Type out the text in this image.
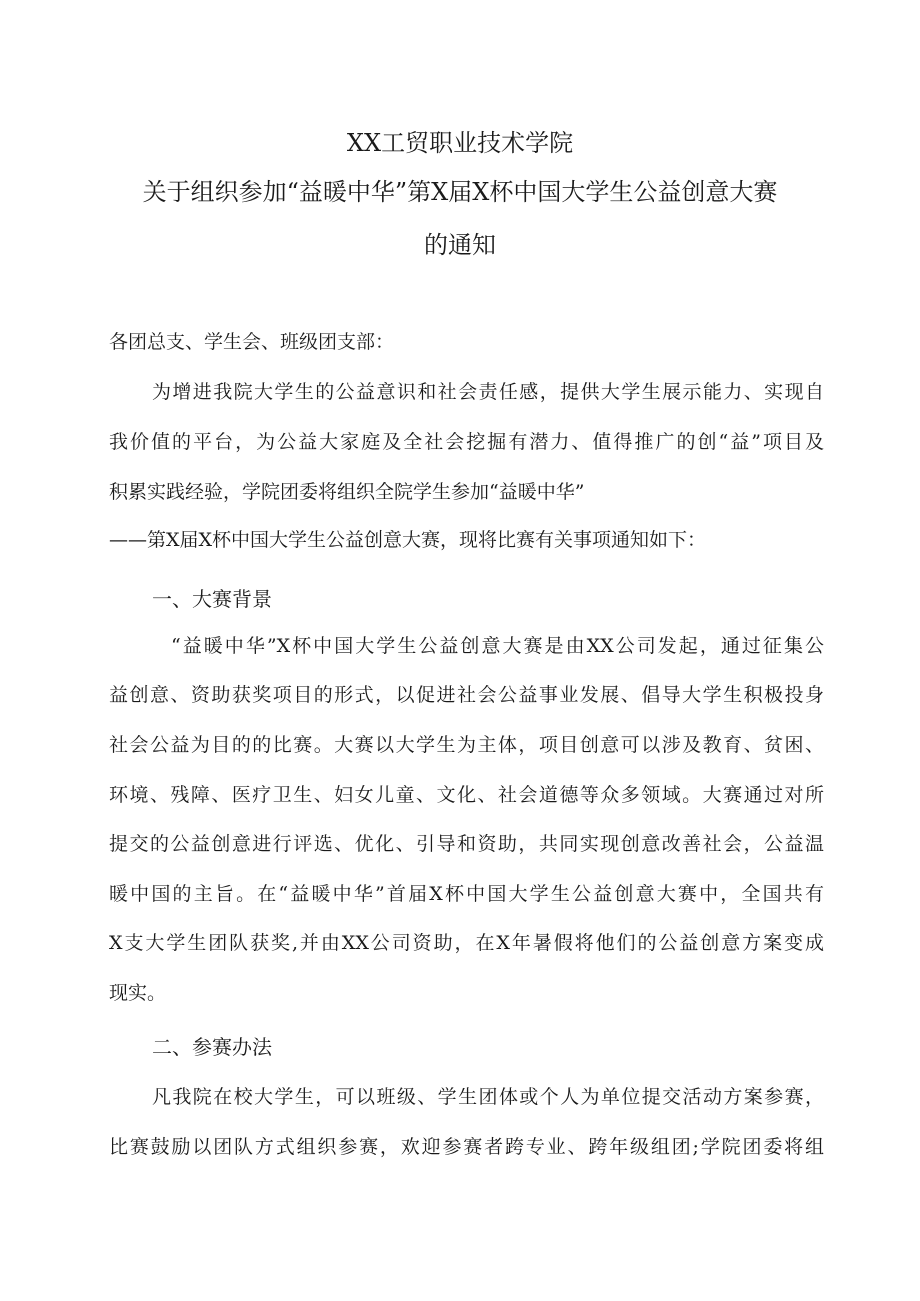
XX工贸职业技术学院
关于组织参加“益暖中华”第X届X杯中国大学生公益创意大赛
的通知
各团总支、学生会、班级团支部：
为增进我院大学生的公益意识和社会责任感，提供大学生展示能力、实现自
我价值的平台，为公益大家庭及全社会挖掘有潜力、值得推广的创“益”项目及
积累实践经验，学院团委将组织全院学生参加“益暖中华”
——第X届X杯中国大学生公益创意大赛，现将比赛有关事项通知如下：
一、大赛背景
“益暖中华”X杯中国大学生公益创意大赛是由XX公司发起，通过征集公
益创意、资助获奖项目的形式，以促进社会公益事业发展、倡导大学生积极投身
社会公益为目的的比赛。大赛以大学生为主体，项目创意可以涉及教育、贫困、
环境、残障、医疗卫生、妇女儿童、文化、社会道德等众多领域。大赛通过对所
提交的公益创意进行评选、优化、引导和资助，共同实现创意改善社会，公益温
暖中国的主旨。在“益暖中华”首届X杯中国大学生公益创意大赛中，全国共有
X支大学生团队获奖,并由XX公司资助，在X年暑假将他们的公益创意方案变成
现实。
二、参赛办法
凡我院在校大学生，可以班级、学生团体或个人为单位提交活动方案参赛，
比赛鼓励以团队方式组织参赛，欢迎参赛者跨专业、跨年级组团;学院团委将组
